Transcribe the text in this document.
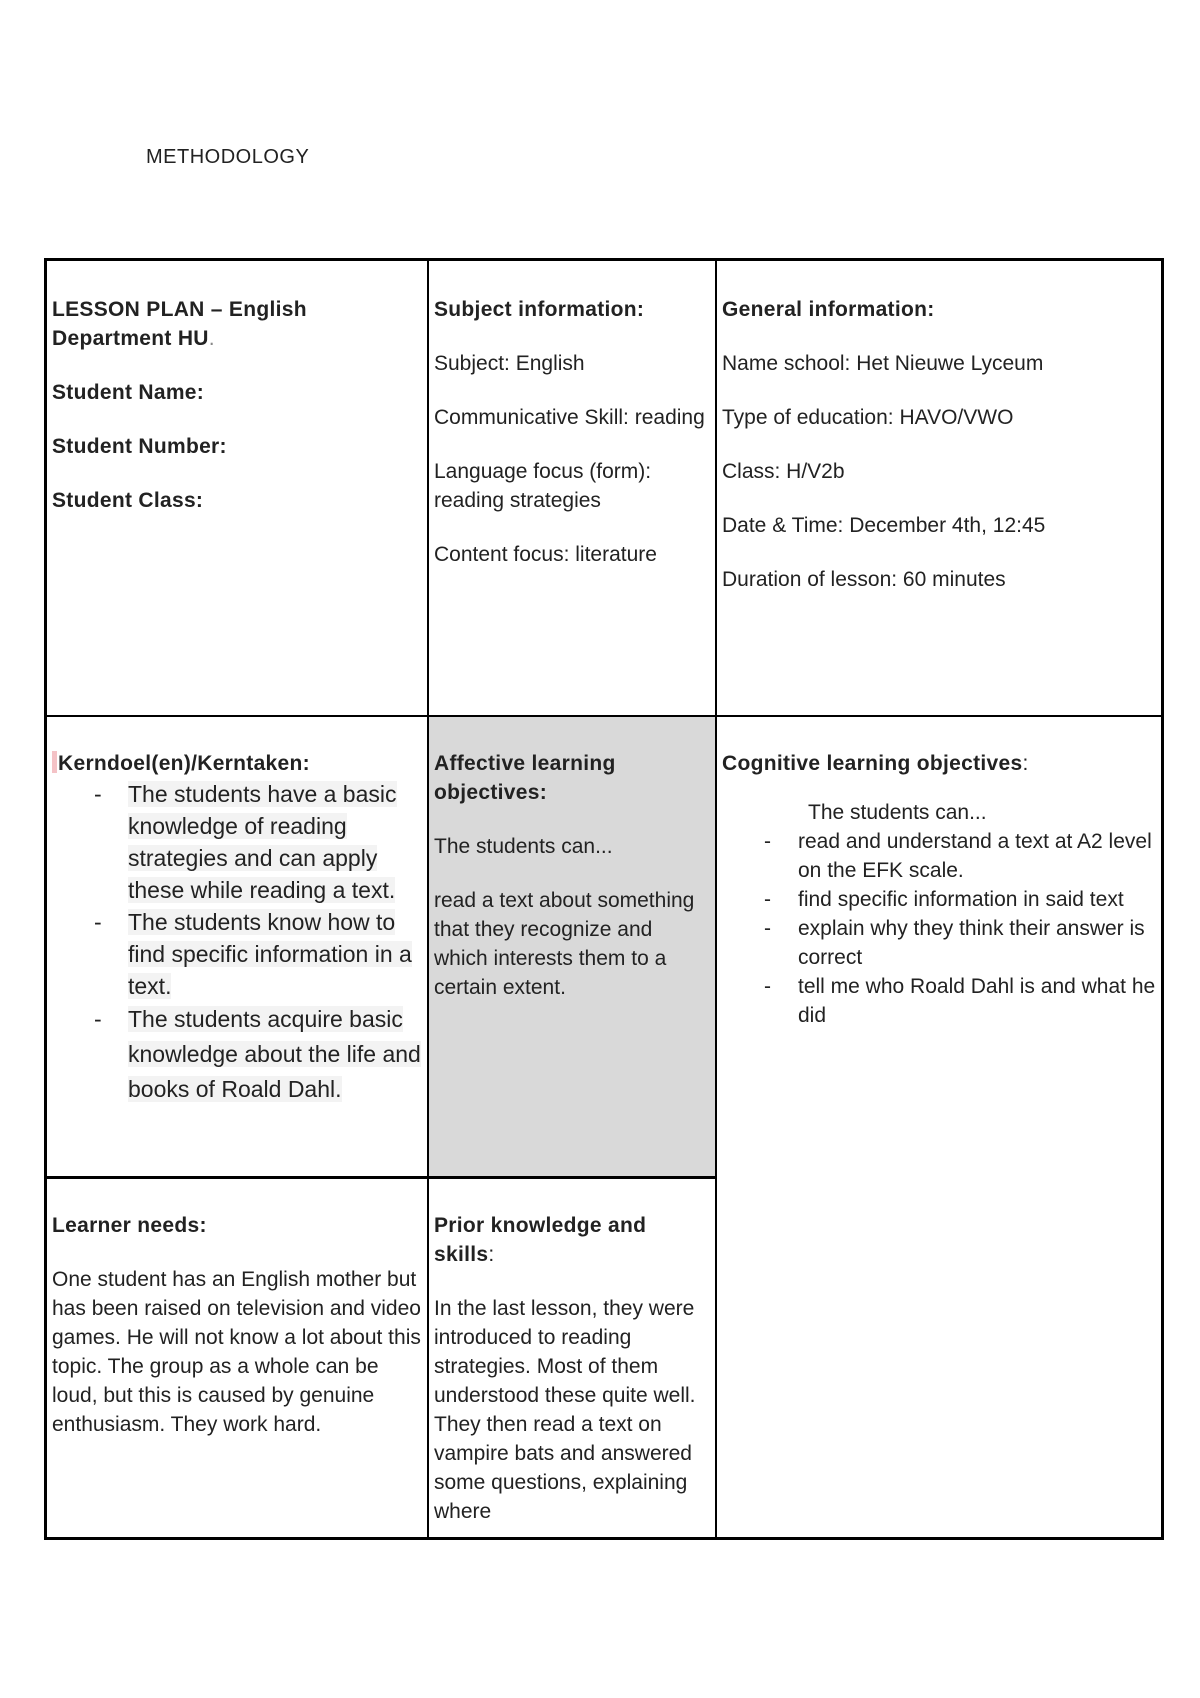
METHODOLOGY

LESSON PLAN – English Department HU.

Student Name:

Student Number:

Student Class:

Subject information:

Subject: English

Communicative Skill: reading

Language focus (form): reading strategies

Content focus: literature

General information:

Name school: Het Nieuwe Lyceum

Type of education: HAVO/VWO

Class: H/V2b

Date & Time: December 4th, 12:45

Duration of lesson: 60 minutes

Kerndoel(en)/Kerntaken:

- The students have a basic knowledge of reading strategies and can apply these while reading a text.
- The students know how to find specific information in a text.
- The students acquire basic knowledge about the life and books of Roald Dahl.

Affective learning objectives:

The students can...

read a text about something that they recognize and which interests them to a certain extent.

Cognitive learning objectives:

The students can...

- read and understand a text at A2 level on the EFK scale.
- find specific information in said text
- explain why they think their answer is correct
- tell me who Roald Dahl is and what he did

Learner needs:

One student has an English mother but has been raised on television and video games. He will not know a lot about this topic. The group as a whole can be loud, but this is caused by genuine enthusiasm. They work hard.

Prior knowledge and skills:

In the last lesson, they were introduced to reading strategies. Most of them understood these quite well. They then read a text on vampire bats and answered some questions, explaining where
